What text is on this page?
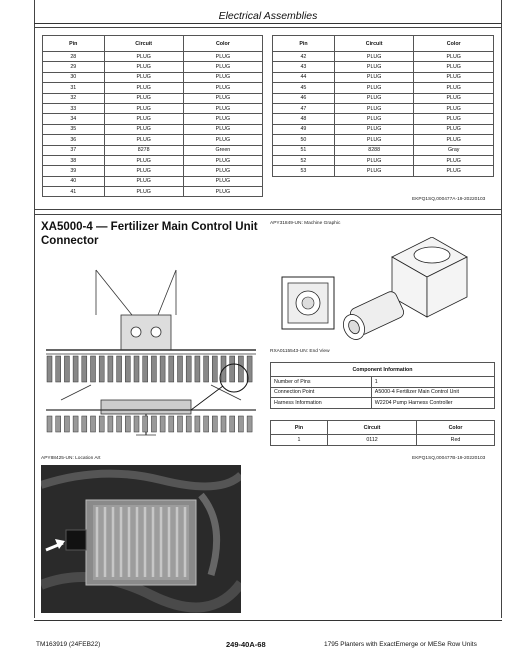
Electrical Assemblies
Pin	Circuit	Color
28	PLUG	PLUG
29	PLUG	PLUG
30	PLUG	PLUG
31	PLUG	PLUG
32	PLUG	PLUG
33	PLUG	PLUG
34	PLUG	PLUG
35	PLUG	PLUG
36	PLUG	PLUG
37	8278	Green
38	PLUG	PLUG
39	PLUG	PLUG
40	PLUG	PLUG
41	PLUG	PLUG
Pin	Circuit	Color
42	PLUG	PLUG
43	PLUG	PLUG
44	PLUG	PLUG
45	PLUG	PLUG
46	PLUG	PLUG
47	PLUG	PLUG
48	PLUG	PLUG
49	PLUG	PLUG
50	PLUG	PLUG
51	8288	Gray
52	PLUG	PLUG
53	PLUG	PLUG
EKPQ1SQ,000477A-19-20220103
XA5000-4 — Fertilizer Main Control Unit Connector
APY88425-UN: Location Art
APY31849-UN: Machine Graphic
RXA0115543-UN: End View
Component Information	
Number of Pins	1
Connection Point	A5000-4 Fertilizer Main Control Unit
Harness Information	W2204 Pump Harness Controller
Pin	Circuit	Color
1	0112	Red
EKPQ1SQ,000477B-19-20220103
TM163919 (24FEB22)	249-40A-68	1795 Planters with ExactEmerge or MESe Row Units
